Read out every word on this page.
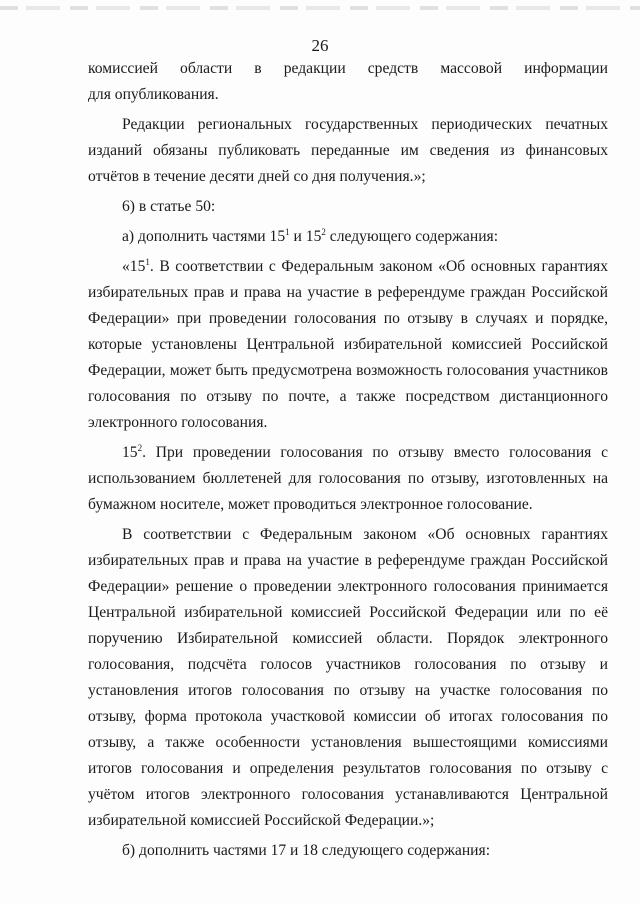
26

комиссией области в редакции средств массовой информации

для опубликования.

Редакции региональных государственных периодических печатных изданий обязаны публиковать переданные им сведения из финансовых отчётов в течение десяти дней со дня получения.»;

6) в статье 50:

а) дополнить частями $15^1$ и $15^2$ следующего содержания:

«$15^1$. В соответствии с Федеральным законом «Об основных гарантиях избирательных прав и права на участие в референдуме граждан Российской Федерации» при проведении голосования по отзыву в случаях и порядке, которые установлены Центральной избирательной комиссией Российской Федерации, может быть предусмотрена возможность голосования участников голосования по отзыву по почте, а также посредством дистанционного электронного голосования.

$15^2$. При проведении голосования по отзыву вместо голосования с использованием бюллетеней для голосования по отзыву, изготовленных на бумажном носителе, может проводиться электронное голосование.

В соответствии с Федеральным законом «Об основных гарантиях избирательных прав и права на участие в референдуме граждан Российской Федерации» решение о проведении электронного голосования принимается Центральной избирательной комиссией Российской Федерации или по её поручению Избирательной комиссией области. Порядок электронного голосования, подсчёта голосов участников голосования по отзыву и установления итогов голосования по отзыву на участке голосования по отзыву, форма протокола участковой комиссии об итогах голосования по отзыву, а также особенности установления вышестоящими комиссиями итогов голосования и определения результатов голосования по отзыву с учётом итогов электронного голосования устанавливаются Центральной избирательной комиссией Российской Федерации.»;

б) дополнить частями 17 и 18 следующего содержания:
